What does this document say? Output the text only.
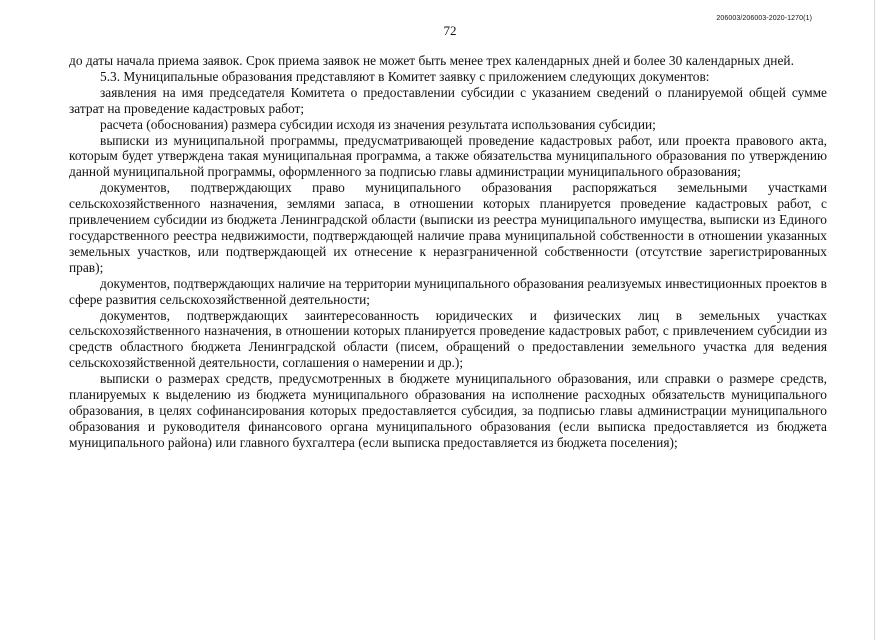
72
206003/206003-2020-1270(1)

до даты начала приема заявок. Срок приема заявок не может быть менее трех календарных дней и более 30 календарных дней.

5.3. Муниципальные образования представляют в Комитет заявку с приложением следующих документов:

заявления на имя председателя Комитета о предоставлении субсидии с указанием сведений о планируемой общей сумме затрат на проведение кадастровых работ;

расчета (обоснования) размера субсидии исходя из значения результата использования субсидии;

выписки из муниципальной программы, предусматривающей проведение кадастровых работ, или проекта правового акта, которым будет утверждена такая муниципальная программа, а также обязательства муниципального образования по утверждению данной муниципальной программы, оформленного за подписью главы администрации муниципального образования;

документов, подтверждающих право муниципального образования распоряжаться земельными участками сельскохозяйственного назначения, землями запаса, в отношении которых планируется проведение кадастровых работ, с привлечением субсидии из бюджета Ленинградской области (выписки из реестра муниципального имущества, выписки из Единого государственного реестра недвижимости, подтверждающей наличие права муниципальной собственности в отношении указанных земельных участков, или подтверждающей их отнесение к неразграниченной собственности (отсутствие зарегистрированных прав);

документов, подтверждающих наличие на территории муниципального образования реализуемых инвестиционных проектов в сфере развития сельскохозяйственной деятельности;

документов, подтверждающих заинтересованность юридических и физических лиц в земельных участках сельскохозяйственного назначения, в отношении которых планируется проведение кадастровых работ, с привлечением субсидии из средств областного бюджета Ленинградской области (писем, обращений о предоставлении земельного участка для ведения сельскохозяйственной деятельности, соглашения о намерении и др.);

выписки о размерах средств, предусмотренных в бюджете муниципального образования, или справки о размере средств, планируемых к выделению из бюджета муниципального образования на исполнение расходных обязательств муниципального образования, в целях софинансирования которых предоставляется субсидия, за подписью главы администрации муниципального образования и руководителя финансового органа муниципального образования (если выписка предоставляется из бюджета муниципального района) или главного бухгалтера (если выписка предоставляется из бюджета поселения);
